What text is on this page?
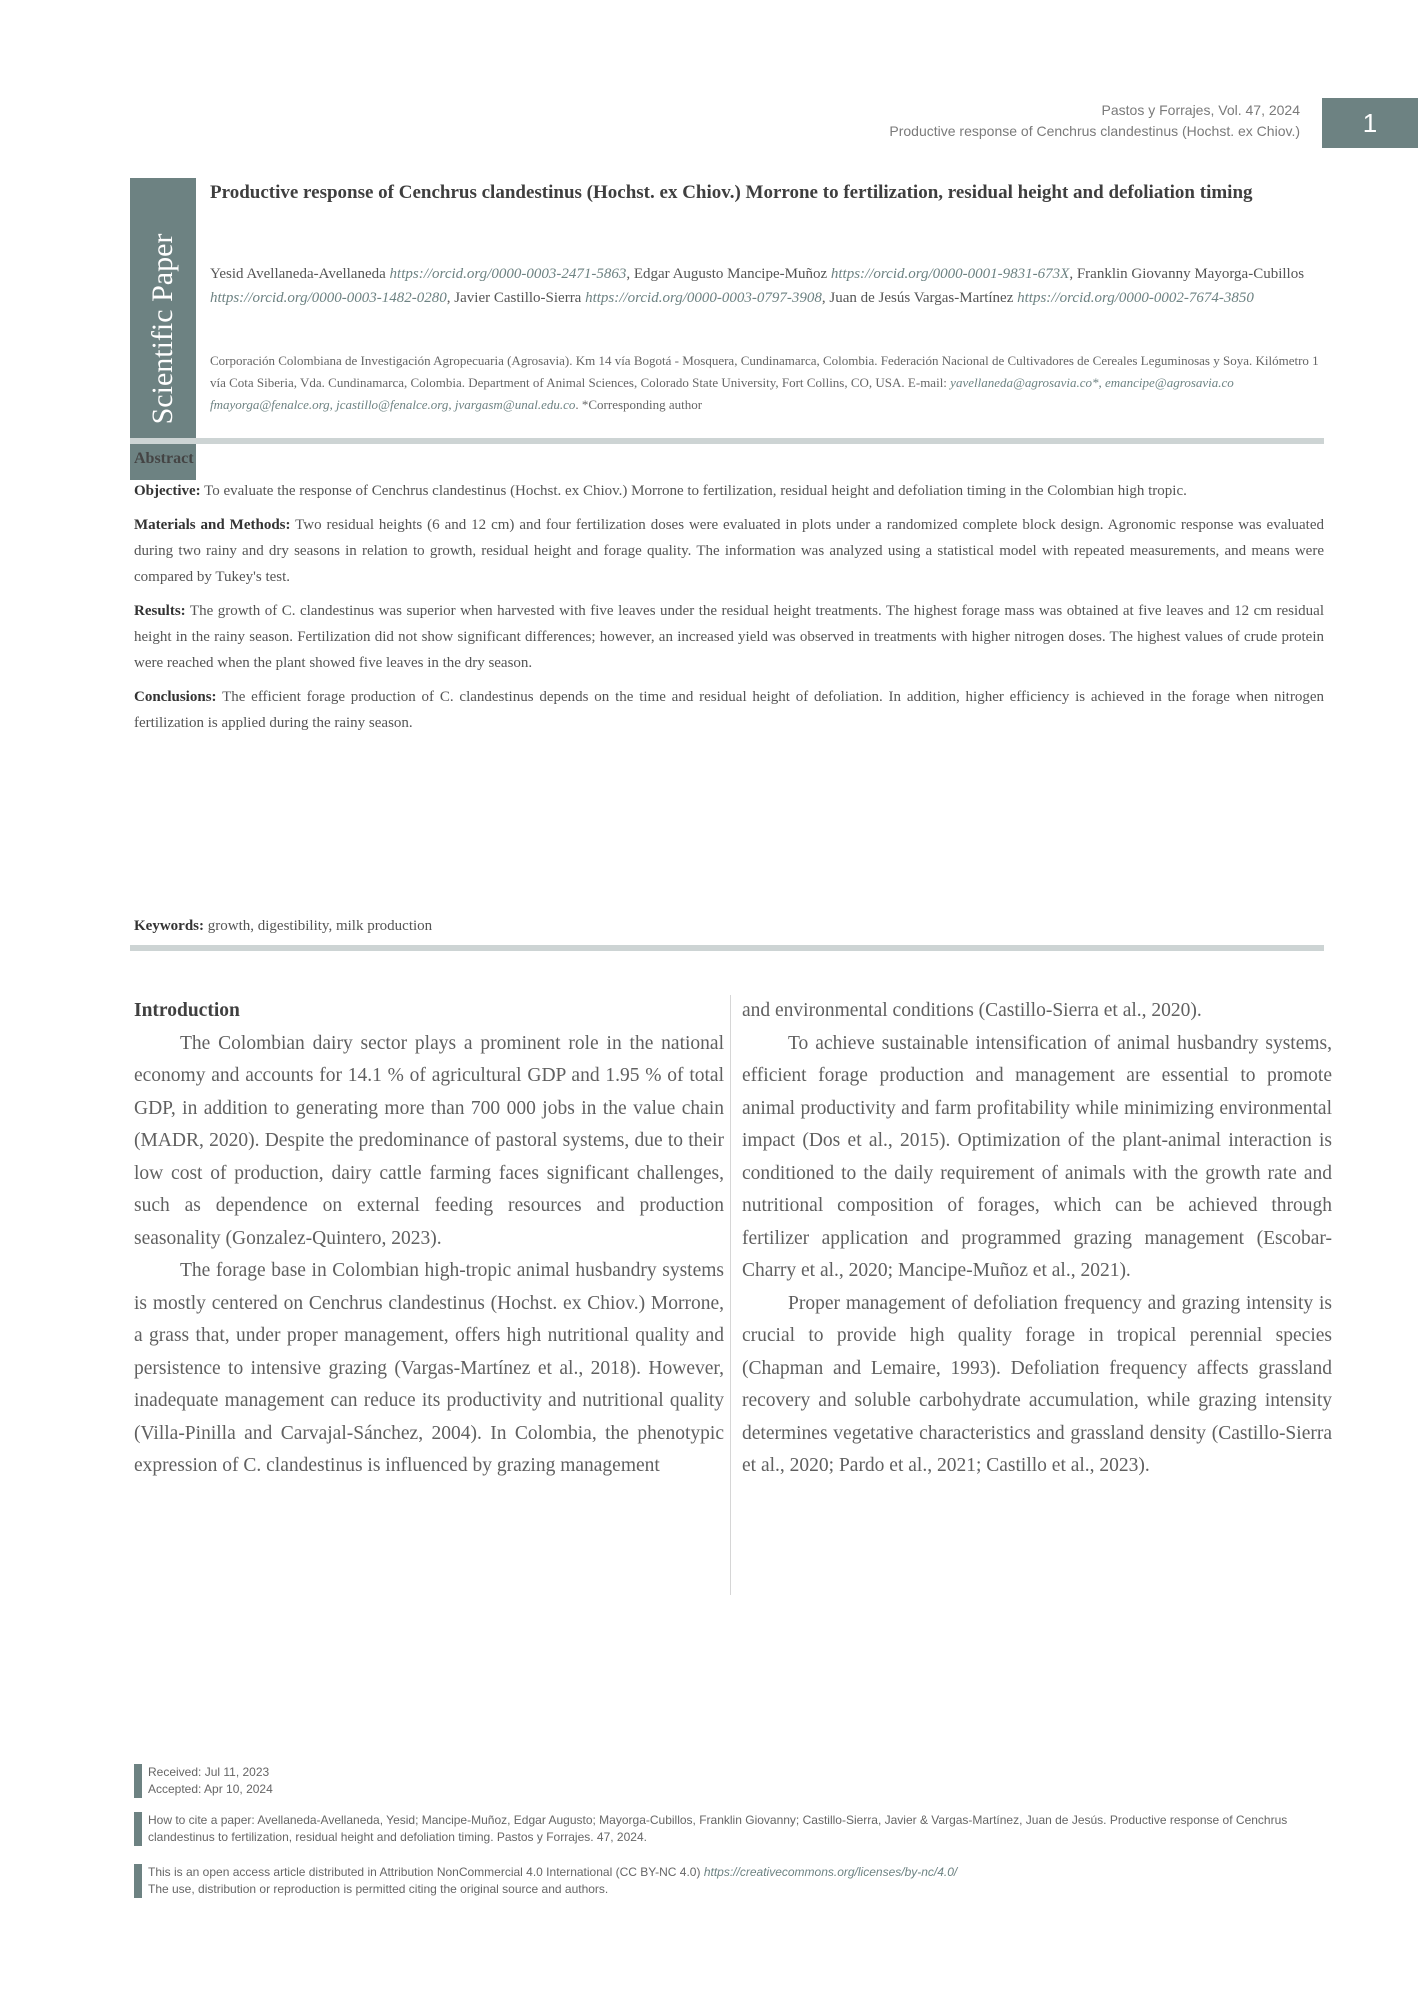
Pastos y Forrajes, Vol. 47, 2024
Productive response of Cenchrus clandestinus (Hochst. ex Chiov.)	1
Scientific Paper
Productive response of Cenchrus clandestinus (Hochst. ex Chiov.) Morrone to fertilization, residual height and defoliation timing
Yesid Avellaneda-Avellaneda https://orcid.org/0000-0003-2471-5863, Edgar Augusto Mancipe-Muñoz https://orcid.org/0000-0001-9831-673X, Franklin Giovanny Mayorga-Cubillos https://orcid.org/0000-0003-1482-0280, Javier Castillo-Sierra https://orcid.org/0000-0003-0797-3908, Juan de Jesús Vargas-Martínez https://orcid.org/0000-0002-7674-3850
Corporación Colombiana de Investigación Agropecuaria (Agrosavia). Km 14 vía Bogotá - Mosquera, Cundinamarca, Colombia. Federación Nacional de Cultivadores de Cereales Leguminosas y Soya. Kilómetro 1 vía Cota Siberia, Vda. Cundinamarca, Colombia. Department of Animal Sciences, Colorado State University, Fort Collins, CO, USA. E-mail: yavellaneda@agrosavia.co*, emancipe@agrosavia.co fmayorga@fenalce.org, jcastillo@fenalce.org, jvargasm@unal.edu.co. *Corresponding author
Abstract

Objective: To evaluate the response of Cenchrus clandestinus (Hochst. ex Chiov.) Morrone to fertilization, residual height and defoliation timing in the Colombian high tropic.

Materials and Methods: Two residual heights (6 and 12 cm) and four fertilization doses were evaluated in plots under a randomized complete block design. Agronomic response was evaluated during two rainy and dry seasons in relation to growth, residual height and forage quality. The information was analyzed using a statistical model with repeated measurements, and means were compared by Tukey's test.

Results: The growth of C. clandestinus was superior when harvested with five leaves under the residual height treatments. The highest forage mass was obtained at five leaves and 12 cm residual height in the rainy season. Fertilization did not show significant differences; however, an increased yield was observed in treatments with higher nitrogen doses. The highest values of crude protein were reached when the plant showed five leaves in the dry season.

Conclusions: The efficient forage production of C. clandestinus depends on the time and residual height of defoliation. In addition, higher efficiency is achieved in the forage when nitrogen fertilization is applied during the rainy season.

Keywords: growth, digestibility, milk production

Introduction

The Colombian dairy sector plays a prominent role in the national economy and accounts for 14.1 % of agricultural GDP and 1.95 % of total GDP, in addition to generating more than 700 000 jobs in the value chain (MADR, 2020). Despite the predominance of pastoral systems, due to their low cost of production, dairy cattle farming faces significant challenges, such as dependence on external feeding resources and production seasonality (Gonzalez-Quintero, 2023).

The forage base in Colombian high-tropic animal husbandry systems is mostly centered on Cenchrus clandestinus (Hochst. ex Chiov.) Morrone, a grass that, under proper management, offers high nutritional quality and persistence to intensive grazing (Vargas-Martínez et al., 2018). However, inadequate management can reduce its productivity and nutritional quality (Villa-Pinilla and Carvajal-Sánchez, 2004). In Colombia, the phenotypic expression of C. clandestinus is influenced by grazing management

and environmental conditions (Castillo-Sierra et al., 2020).

To achieve sustainable intensification of animal husbandry systems, efficient forage production and management are essential to promote animal productivity and farm profitability while minimizing environmental impact (Dos et al., 2015). Optimization of the plant-animal interaction is conditioned to the daily requirement of animals with the growth rate and nutritional composition of forages, which can be achieved through fertilizer application and programmed grazing management (Escobar-Charry et al., 2020; Mancipe-Muñoz et al., 2021).

Proper management of defoliation frequency and grazing intensity is crucial to provide high quality forage in tropical perennial species (Chapman and Lemaire, 1993). Defoliation frequency affects grassland recovery and soluble carbohydrate accumulation, while grazing intensity determines vegetative characteristics and grassland density (Castillo-Sierra et al., 2020; Pardo et al., 2021; Castillo et al., 2023).

Received: Jul 11, 2023
Accepted: Apr 10, 2024
How to cite a paper: Avellaneda-Avellaneda, Yesid; Mancipe-Muñoz, Edgar Augusto; Mayorga-Cubillos, Franklin Giovanny; Castillo-Sierra, Javier & Vargas-Martínez, Juan de Jesús. Productive response of Cenchrus clandestinus to fertilization, residual height and defoliation timing. Pastos y Forrajes. 47, 2024.
This is an open access article distributed in Attribution NonCommercial 4.0 International (CC BY-NC 4.0) https://creativecommons.org/licenses/by-nc/4.0/
The use, distribution or reproduction is permitted citing the original source and authors.
